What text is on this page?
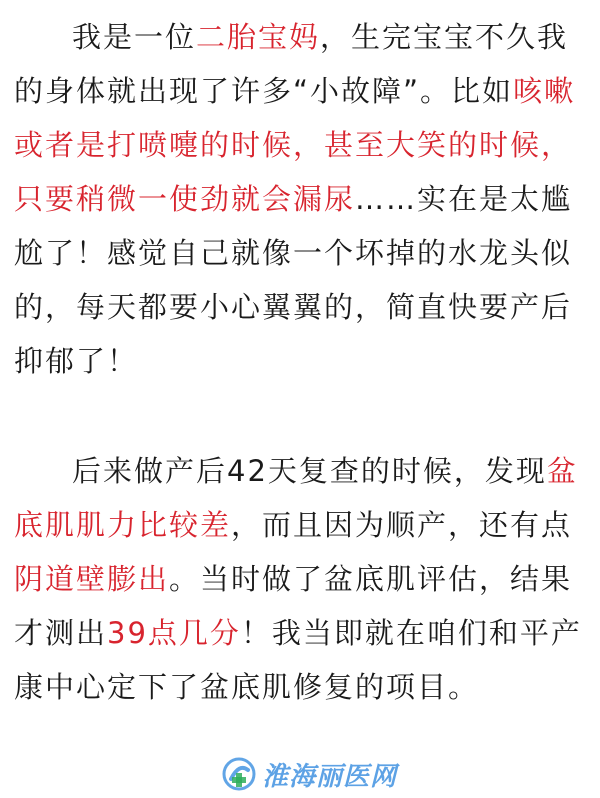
我是一位二胎宝妈，生完宝宝不久我的身体就出现了许多“小故障”。比如咳嗽或者是打喷嚏的时候，甚至大笑的时候，只要稍微一使劲就会漏尿……实在是太尴尬了！感觉自己就像一个坏掉的水龙头似的，每天都要小心翼翼的，简直快要产后抑郁了！

后来做产后42天复查的时候，发现盆底肌肌力比较差，而且因为顺产，还有点阴道壁膨出。当时做了盆底肌评估，结果才测出39点几分！我当即就在咱们和平产康中心定下了盆底肌修复的项目。

淮海丽医网
